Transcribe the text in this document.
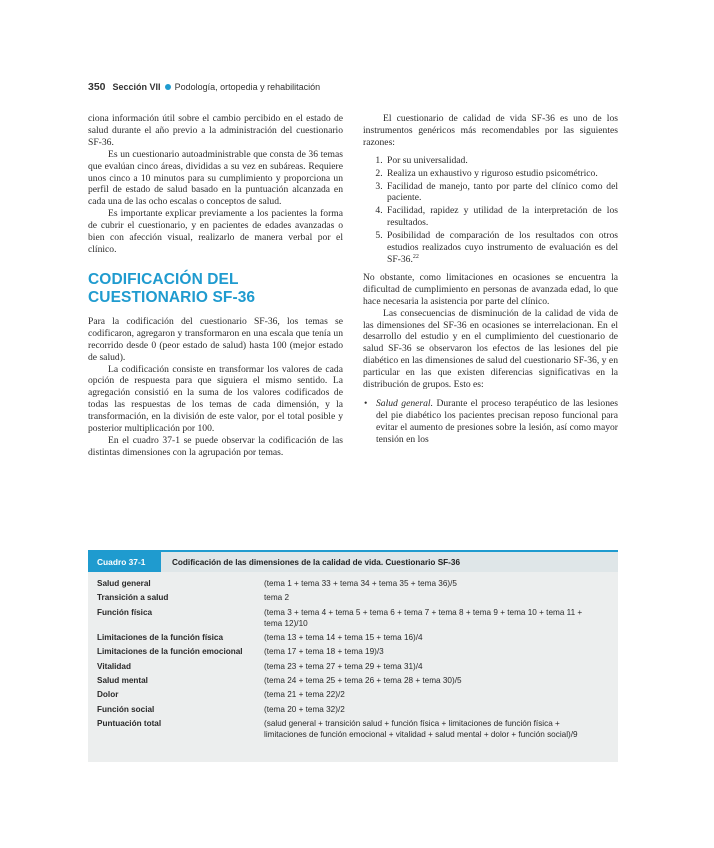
350 Sección VII Podología, ortopedia y rehabilitación

ciona información útil sobre el cambio percibido en el estado de salud durante el año previo a la administración del cuestionario SF-36.

Es un cuestionario autoadministrable que consta de 36 temas que evalúan cinco áreas, divididas a su vez en subáreas. Requiere unos cinco a 10 minutos para su cumplimiento y proporciona un perfil de estado de salud basado en la puntuación alcanzada en cada una de las ocho escalas o conceptos de salud.

Es importante explicar previamente a los pacientes la forma de cubrir el cuestionario, y en pacientes de edades avanzadas o bien con afección visual, realizarlo de manera verbal por el clínico.

CODIFICACIÓN DEL CUESTIONARIO SF-36

Para la codificación del cuestionario SF-36, los temas se codificaron, agregaron y transformaron en una escala que tenía un recorrido desde 0 (peor estado de salud) hasta 100 (mejor estado de salud).

La codificación consiste en transformar los valores de cada opción de respuesta para que siguiera el mismo sentido. La agregación consistió en la suma de los valores codificados de todas las respuestas de los temas de cada dimensión, y la transformación, en la división de este valor, por el total posible y posterior multiplicación por 100.

En el cuadro 37-1 se puede observar la codificación de las distintas dimensiones con la agrupación por temas.

El cuestionario de calidad de vida SF-36 es uno de los instrumentos genéricos más recomendables por las siguientes razones:

1. Por su universalidad.
2. Realiza un exhaustivo y riguroso estudio psicométrico.
3. Facilidad de manejo, tanto por parte del clínico como del paciente.
4. Facilidad, rapidez y utilidad de la interpretación de los resultados.
5. Posibilidad de comparación de los resultados con otros estudios realizados cuyo instrumento de evaluación es del SF-36.22

No obstante, como limitaciones en ocasiones se encuentra la dificultad de cumplimiento en personas de avanzada edad, lo que hace necesaria la asistencia por parte del clínico.

Las consecuencias de disminución de la calidad de vida de las dimensiones del SF-36 en ocasiones se interrelacionan. En el desarrollo del estudio y en el cumplimiento del cuestionario de salud SF-36 se observaron los efectos de las lesiones del pie diabético en las dimensiones de salud del cuestionario SF-36, y en particular en las que existen diferencias significativas en la distribución de grupos. Esto es:

• Salud general. Durante el proceso terapéutico de las lesiones del pie diabético los pacientes precisan reposo funcional para evitar el aumento de presiones sobre la lesión, así como mayor tensión en los
Cuadro 37-1	Codificación de las dimensiones de la calidad de vida. Cuestionario SF-36
Salud general	(tema 1 + tema 33 + tema 34 + tema 35 + tema 36)/5
Transición a salud	tema 2
Función física	(tema 3 + tema 4 + tema 5 + tema 6 + tema 7 + tema 8 + tema 9 + tema 10 + tema 11 + tema 12)/10
Limitaciones de la función física	(tema 13 + tema 14 + tema 15 + tema 16)/4
Limitaciones de la función emocional	(tema 17 + tema 18 + tema 19)/3
Vitalidad	(tema 23 + tema 27 + tema 29 + tema 31)/4
Salud mental	(tema 24 + tema 25 + tema 26 + tema 28 + tema 30)/5
Dolor	(tema 21 + tema 22)/2
Función social	(tema 20 + tema 32)/2
Puntuación total	(salud general + transición salud + función física + limitaciones de función física + limitaciones de función emocional + vitalidad + salud mental + dolor + función social)/9
